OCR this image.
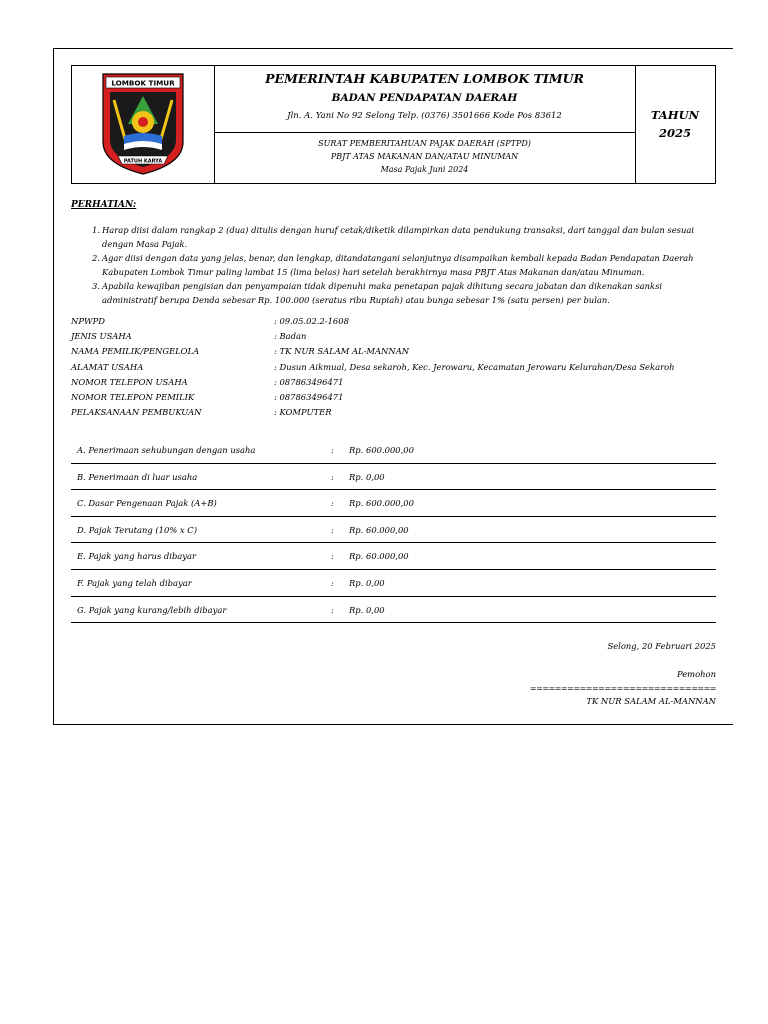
LOMBOK TIMUR
PATUH KARYA
PEMERINTAH KABUPATEN LOMBOK TIMUR
BADAN PENDAPATAN DAERAH
Jln. A. Yani No 92 Selong Telp. (0376) 3501666 Kode Pos 83612
SURAT PEMBERITAHUAN PAJAK DAERAH (SPTPD)
PBJT ATAS MAKANAN DAN/ATAU MINUMAN
Masa Pajak Juni 2024
TAHUN
2025
PERHATIAN:
1. Harap diisi dalam rangkap 2 (dua) ditulis dengan huruf cetak/diketik dilampirkan data pendukung transaksi, dari tanggal dan bulan sesuai dengan Masa Pajak.
2. Agar diisi dengan data yang jelas, benar, dan lengkap, ditandatangani selanjutnya disampaikan kembali kepada Badan Pendapatan Daerah Kabupaten Lombok Timur paling lambat 15 (lima belas) hari setelah berakhirnya masa PBJT Atas Makanan dan/atau Minuman.
3. Apabila kewajiban pengisian dan penyampaian tidak dipenuhi maka penetapan pajak dihitung secara jabatan dan dikenakan sanksi administratif berupa Denda sebesar Rp. 100.000 (seratus ribu Rupiah) atau bunga sebesar 1% (satu persen) per bulan.
NPWPD	: 09.05.02.2-1608
JENIS USAHA	: Badan
NAMA PEMILIK/PENGELOLA	: TK NUR SALAM AL-MANNAN
ALAMAT USAHA	: Dusun Aikmual, Desa sekaroh, Kec. Jerowaru, Kecamatan Jerowaru Kelurahan/Desa Sekaroh
NOMOR TELEPON USAHA	: 087863496471
NOMOR TELEPON PEMILIK	: 087863496471
PELAKSANAAN PEMBUKUAN	: KOMPUTER
A. Penerimaan sehubungan dengan usaha	: Rp. 600.000,00
B. Penerimaan di luar usaha	: Rp. 0,00
C. Dasar Pengenaan Pajak (A+B)	: Rp. 600.000,00
D. Pajak Terutang (10% x C)	: Rp. 60.000,00
E. Pajak yang harus dibayar	: Rp. 60.000,00
F. Pajak yang telah dibayar	: Rp. 0,00
G. Pajak yang kurang/lebih dibayar	: Rp. 0,00
Selong, 20 Februari 2025
Pemohon
==============================
TK NUR SALAM AL-MANNAN
